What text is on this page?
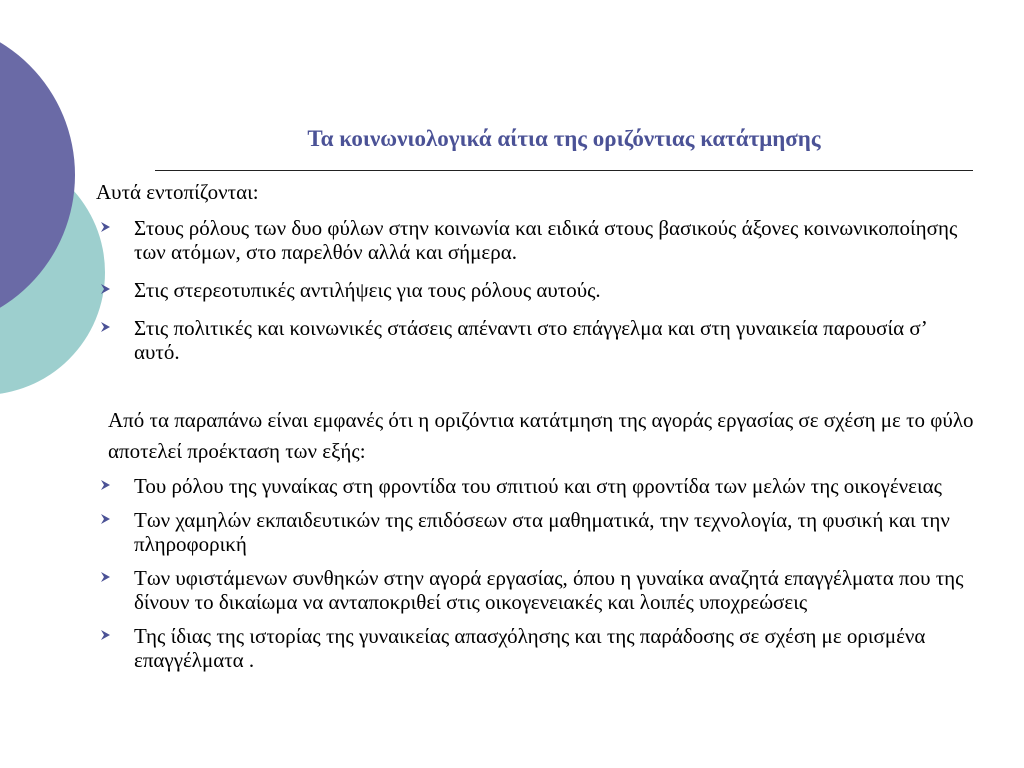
Τα κοινωνιολογικά αίτια της οριζόντιας κατάτμησης
Αυτά εντοπίζονται:
Στους ρόλους των δυο φύλων στην κοινωνία και ειδικά στους βασικούς άξονες κοινωνικοποίησης των ατόμων, στο παρελθόν αλλά και σήμερα.
Στις στερεοτυπικές αντιλήψεις για τους ρόλους αυτούς.
Στις πολιτικές και κοινωνικές στάσεις απέναντι στο επάγγελμα και στη γυναικεία παρουσία σ’ αυτό.
Από τα παραπάνω είναι εμφανές ότι η οριζόντια κατάτμηση της αγοράς εργασίας σε σχέση με το φύλο αποτελεί προέκταση των εξής:
Του ρόλου της γυναίκας στη φροντίδα του σπιτιού και στη φροντίδα των μελών της οικογένειας
Των χαμηλών εκπαιδευτικών της επιδόσεων στα μαθηματικά, την τεχνολογία, τη φυσική και την πληροφορική
Των υφιστάμενων συνθηκών στην αγορά εργασίας, όπου η γυναίκα αναζητά επαγγέλματα που της δίνουν το δικαίωμα να ανταποκριθεί στις οικογενειακές και λοιπές υποχρεώσεις
Της ίδιας της ιστορίας της γυναικείας απασχόλησης και της παράδοσης σε σχέση με ορισμένα επαγγέλματα .
